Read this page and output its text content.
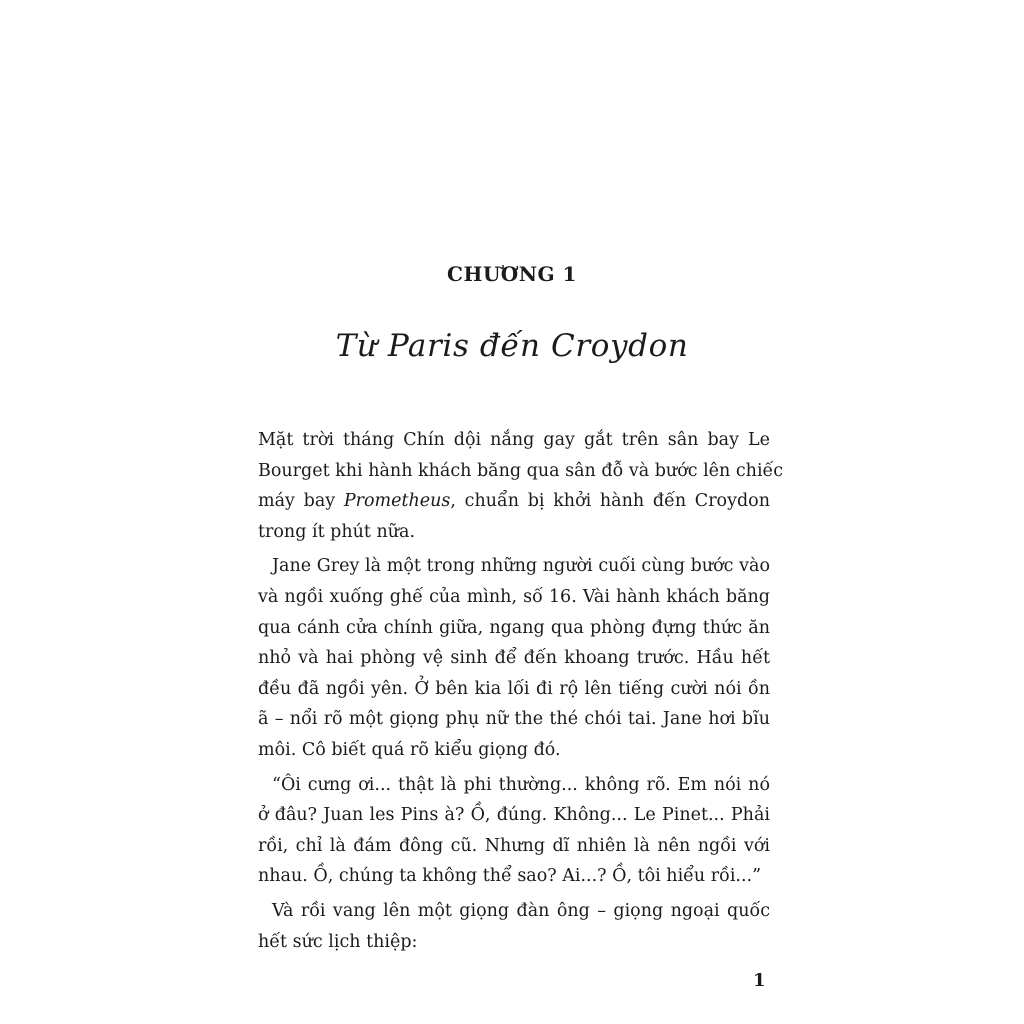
CHƯƠNG 1
Từ Paris đến Croydon
Mặt trời tháng Chín dội nắng gay gắt trên sân bay Le
Bourget khi hành khách băng qua sân đỗ và bước lên chiếc
máy bay Prometheus, chuẩn bị khởi hành đến Croydon
trong ít phút nữa.
Jane Grey là một trong những người cuối cùng bước vào
và ngồi xuống ghế của mình, số 16. Vài hành khách băng
qua cánh cửa chính giữa, ngang qua phòng đựng thức ăn
nhỏ và hai phòng vệ sinh để đến khoang trước. Hầu hết
đều đã ngồi yên. Ở bên kia lối đi rộ lên tiếng cười nói ồn
ã – nổi rõ một giọng phụ nữ the thé chói tai. Jane hơi bĩu
môi. Cô biết quá rõ kiểu giọng đó.
“Ôi cưng ơi... thật là phi thường... không rõ. Em nói nó
ở đâu? Juan les Pins à? Ồ, đúng. Không... Le Pinet... Phải
rồi, chỉ là đám đông cũ. Nhưng dĩ nhiên là nên ngồi với
nhau. Ồ, chúng ta không thể sao? Ai...? Ồ, tôi hiểu rồi...”
Và rồi vang lên một giọng đàn ông – giọng ngoại quốc
hết sức lịch thiệp:
1
